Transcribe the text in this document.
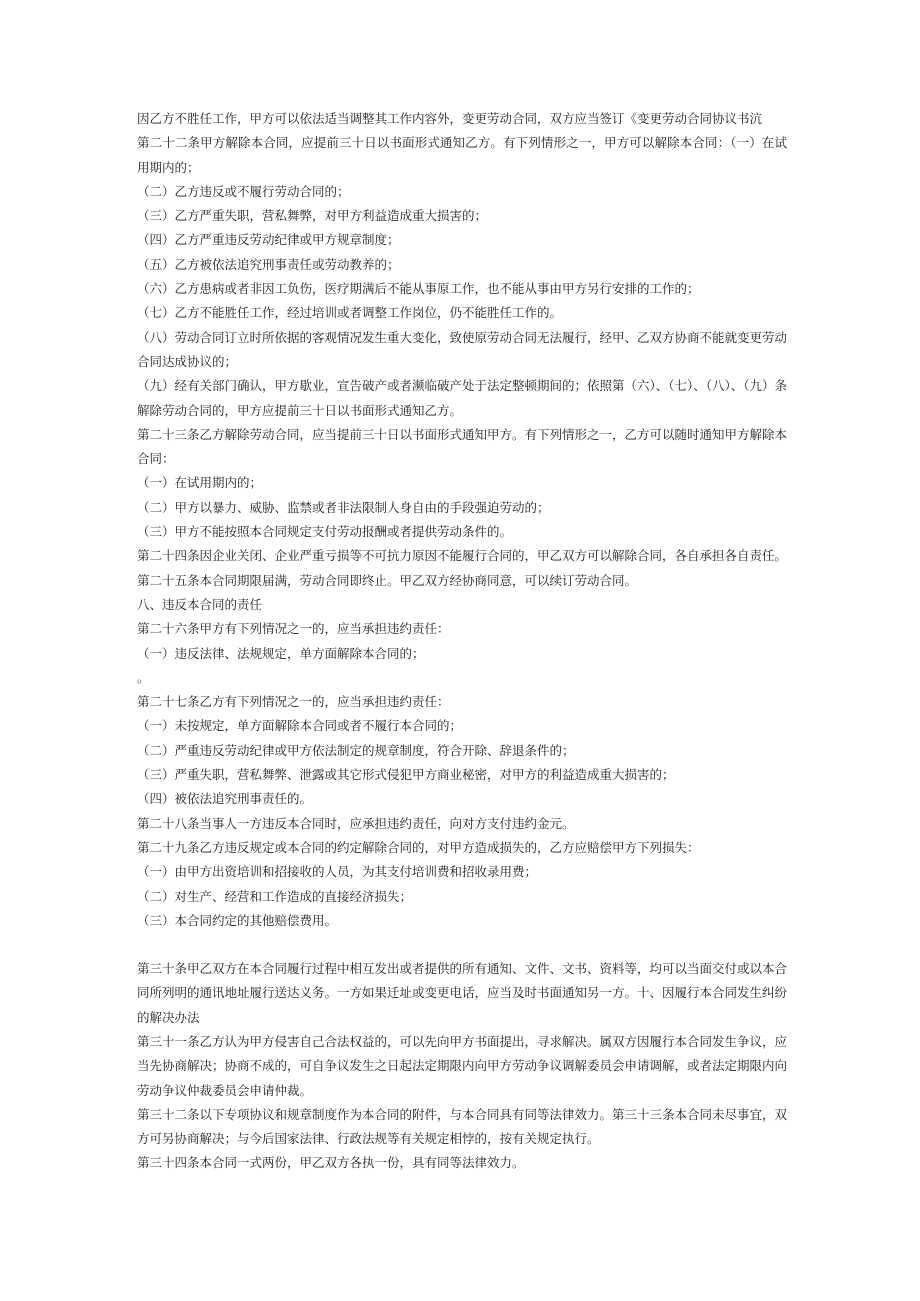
因乙方不胜任工作，甲方可以依法适当调整其工作内容外，变更劳动合同，双方应当签订《变更劳动合同协议书沆

第二十二条甲方解除本合同，应提前三十日以书面形式通知乙方。有下列情形之一，甲方可以解除本合同：（一）在试用期内的；

（二）乙方违反或不履行劳动合同的；

（三）乙方严重失职，营私舞弊，对甲方利益造成重大损害的；

（四）乙方严重违反劳动纪律或甲方规章制度；

（五）乙方被依法追究刑事责任或劳动教养的；

（六）乙方患病或者非因工负伤，医疗期满后不能从事原工作，也不能从事由甲方另行安排的工作的；

（七）乙方不能胜任工作，经过培训或者调整工作岗位，仍不能胜任工作的。

（八）劳动合同订立时所依据的客观情况发生重大变化，致使原劳动合同无法履行，经甲、乙双方协商不能就变更劳动合同达成协议的；

（九）经有关部门确认，甲方歇业，宣告破产或者濒临破产处于法定整顿期间的；依照第（六）、（七）、（八）、（九）条解除劳动合同的，甲方应提前三十日以书面形式通知乙方。

第二十三条乙方解除劳动合同，应当提前三十日以书面形式通知甲方。有下列情形之一，乙方可以随时通知甲方解除本合同：

（一）在试用期内的；

（二）甲方以暴力、威胁、监禁或者非法限制人身自由的手段强迫劳动的；

（三）甲方不能按照本合同规定支付劳动报酬或者提供劳动条件的。

第二十四条因企业关闭、企业严重亏损等不可抗力原因不能履行合同的，甲乙双方可以解除合同，各自承担各自责任。

第二十五条本合同期限届满，劳动合同即终止。甲乙双方经协商同意，可以续订劳动合同。

八、违反本合同的责任

第二十六条甲方有下列情况之一的，应当承担违约责任：

（一）违反法律、法规规定，单方面解除本合同的；

。

第二十七条乙方有下列情况之一的，应当承担违约责任：

（一）未按规定，单方面解除本合同或者不履行本合同的；

（二）严重违反劳动纪律或甲方依法制定的规章制度，符合开除、辞退条件的；

（三）严重失职，营私舞弊、泄露或其它形式侵犯甲方商业秘密，对甲方的利益造成重大损害的；

（四）被依法追究刑事责任的。

第二十八条当事人一方违反本合同时，应承担违约责任，向对方支付违约金元。

第二十九条乙方违反规定或本合同的约定解除合同的，对甲方造成损失的，乙方应赔偿甲方下列损失：

（一）由甲方出资培训和招接收的人员，为其支付培训费和招收录用费；

（二）对生产、经营和工作造成的直接经济损失；

（三）本合同约定的其他赔偿费用。

第三十条甲乙双方在本合同履行过程中相互发出或者提供的所有通知、文件、文书、资料等，均可以当面交付或以本合同所列明的通讯地址履行送达义务。一方如果迁址或变更电话，应当及时书面通知另一方。十、因履行本合同发生纠纷的解决办法

第三十一条乙方认为甲方侵害自己合法权益的，可以先向甲方书面提出，寻求解决。属双方因履行本合同发生争议，应当先协商解决；协商不成的，可自争议发生之日起法定期限内向甲方劳动争议调解委员会申请调解，或者法定期限内向劳动争议仲裁委员会申请仲裁。

第三十二条以下专项协议和规章制度作为本合同的附件，与本合同具有同等法律效力。第三十三条本合同未尽事宜，双方可另协商解决；与今后国家法律、行政法规等有关规定相悖的，按有关规定执行。

第三十四条本合同一式两份，甲乙双方各执一份，具有同等法律效力。
